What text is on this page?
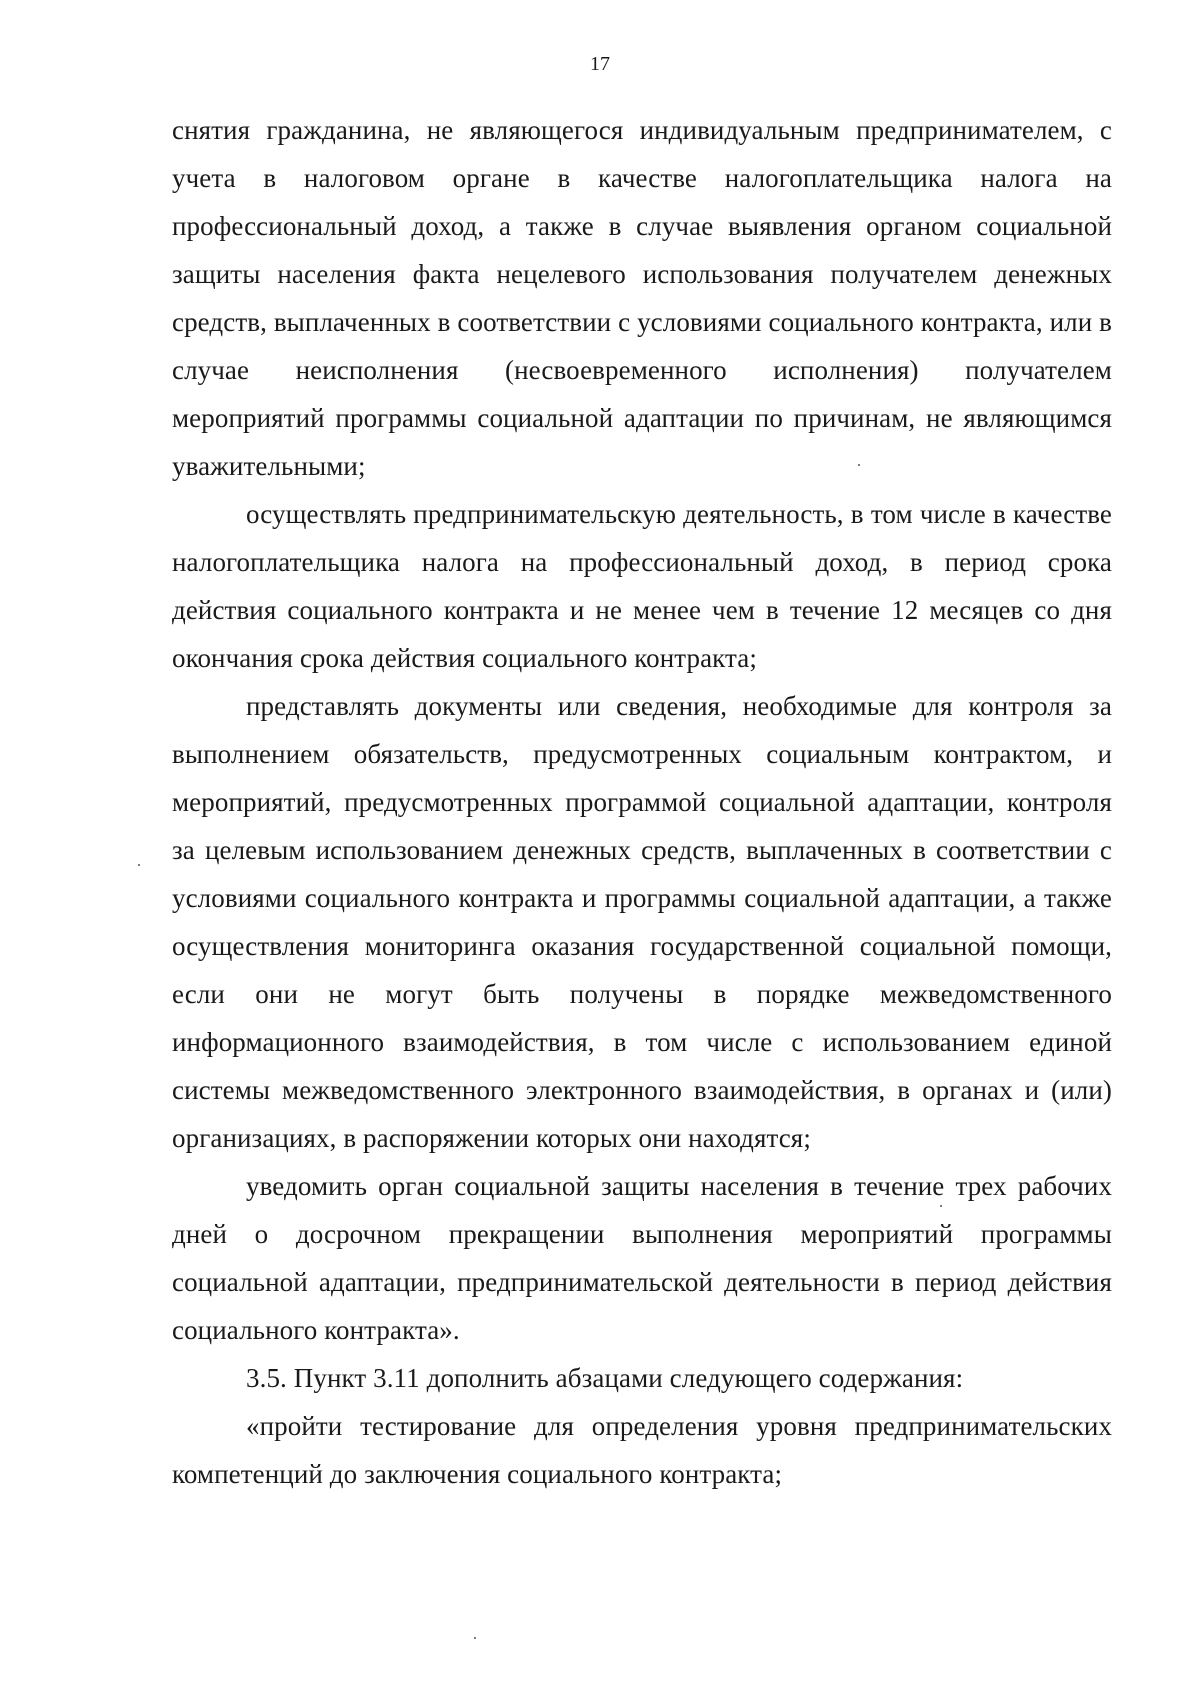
17

снятия гражданина, не являющегося индивидуальным предпринимателем, с учета в налоговом органе в качестве налогоплательщика налога на профессиональный доход, а также в случае выявления органом социальной защиты населения факта нецелевого использования получателем денежных средств, выплаченных в соответствии с условиями социального контракта, или в случае неисполнения (несвоевременного исполнения) получателем мероприятий программы социальной адаптации по причинам, не являющимся уважительными;

осуществлять предпринимательскую деятельность, в том числе в качестве налогоплательщика налога на профессиональный доход, в период срока действия социального контракта и не менее чем в течение 12 месяцев со дня окончания срока действия социального контракта;

представлять документы или сведения, необходимые для контроля за выполнением обязательств, предусмотренных социальным контрактом, и мероприятий, предусмотренных программой социальной адаптации, контроля за целевым использованием денежных средств, выплаченных в соответствии с условиями социального контракта и программы социальной адаптации, а также осуществления мониторинга оказания государственной социальной помощи, если они не могут быть получены в порядке межведомственного информационного взаимодействия, в том числе с использованием единой системы межведомственного электронного взаимодействия, в органах и (или) организациях, в распоряжении которых они находятся;

уведомить орган социальной защиты населения в течение трех рабочих дней о досрочном прекращении выполнения мероприятий программы социальной адаптации, предпринимательской деятельности в период действия социального контракта».

3.5. Пункт 3.11 дополнить абзацами следующего содержания:

«пройти тестирование для определения уровня предпринимательских компетенций до заключения социального контракта;
